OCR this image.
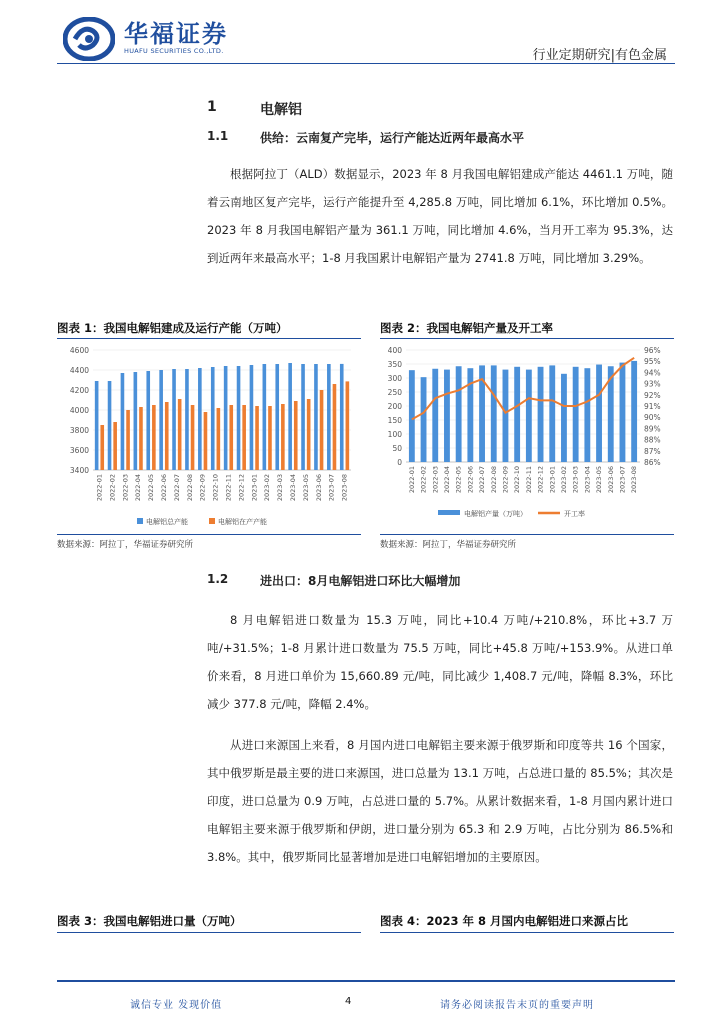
华福证券
HUAFU SECURITIES CO.,LTD.	行业定期研究|有色金属
1	电解铝
1.1	供给：云南复产完毕，运行产能达近两年最高水平

根据阿拉丁（ALD）数据显示，2023 年 8 月我国电解铝建成产能达 4461.1 万吨，随着云南地区复产完毕，运行产能提升至 4,285.8 万吨，同比增加 6.1%，环比增加 0.5%。2023 年 8 月我国电解铝产量为 361.1 万吨，同比增加 4.6%，当月开工率为 95.3%，达到近两年来最高水平；1-8 月我国累计电解铝产量为 2741.8 万吨，同比增加 3.29%。

图表 1：我国电解铝建成及运行产能（万吨）	图表 2：我国电解铝产量及开工率
3400
3600
3800
4000
4200
4400
4600
2022-01 2022-02 2022-03 2022-04 2022-05 2022-06 2022-07 2022-08 2022-09 2022-10 2022-11 2022-12 2023-01 2023-02 2023-03 2023-04 2023-05 2023-06 2023-07 2023-08
电解铝总产能	电解铝在产产能
0
50
100
150
200
250
300
350
400
86%
87%
88%
89%
90%
91%
92%
93%
94%
95%
96%
2022-01 2022-02 2022-03 2022-04 2022-05 2022-06 2022-07 2022-08 2022-09 2022-10 2022-11 2022-12 2023-01 2023-02 2023-03 2023-04 2023-05 2023-06 2023-07 2023-08
电解铝产量（万吨）	开工率
数据来源：阿拉丁，华福证券研究所	数据来源：阿拉丁，华福证券研究所
1.2	进出口：8月电解铝进口环比大幅增加

8 月电解铝进口数量为 15.3 万吨，同比+10.4 万吨/+210.8%，环比+3.7 万吨/+31.5%；1-8 月累计进口数量为 75.5 万吨，同比+45.8 万吨/+153.9%。从进口单价来看，8 月进口单价为 15,660.89 元/吨，同比减少 1,408.7 元/吨，降幅 8.3%，环比减少 377.8 元/吨，降幅 2.4%。

从进口来源国上来看，8 月国内进口电解铝主要来源于俄罗斯和印度等共 16 个国家，其中俄罗斯是最主要的进口来源国，进口总量为 13.1 万吨，占总进口量的 85.5%；其次是印度，进口总量为 0.9 万吨，占总进口量的 5.7%。从累计数据来看，1-8 月国内累计进口电解铝主要来源于俄罗斯和伊朗，进口量分别为 65.3 和 2.9 万吨，占比分别为 86.5%和 3.8%。其中，俄罗斯同比显著增加是进口电解铝增加的主要原因。

图表 3：我国电解铝进口量（万吨）	图表 4：2023 年 8 月国内电解铝进口来源占比
诚信专业 发现价值	4	请务必阅读报告末页的重要声明
